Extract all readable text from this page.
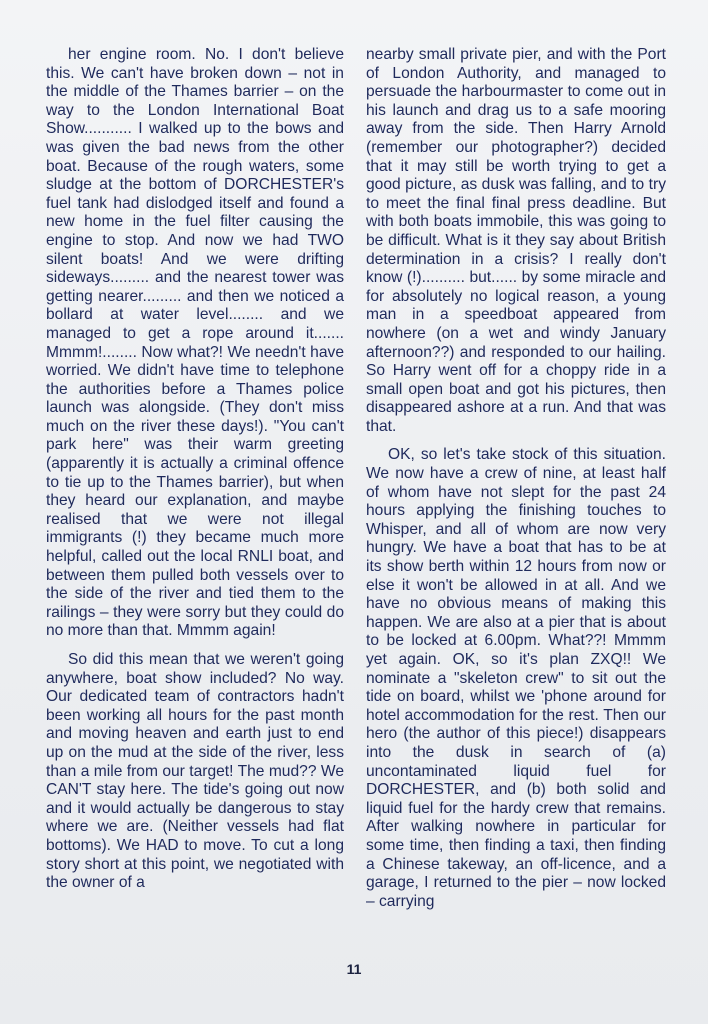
her engine room. No. I don't believe this. We can't have broken down – not in the middle of the Thames barrier – on the way to the London International Boat Show........... I walked up to the bows and was given the bad news from the other boat. Because of the rough waters, some sludge at the bottom of DORCHESTER's fuel tank had dislodged itself and found a new home in the fuel filter causing the engine to stop. And now we had TWO silent boats! And we were drifting sideways......... and the nearest tower was getting nearer......... and then we noticed a bollard at water level........ and we managed to get a rope around it....... Mmmm!........ Now what?! We needn't have worried. We didn't have time to telephone the authorities before a Thames police launch was alongside. (They don't miss much on the river these days!). "You can't park here" was their warm greeting (apparently it is actually a criminal offence to tie up to the Thames barrier), but when they heard our explanation, and maybe realised that we were not illegal immigrants (!) they became much more helpful, called out the local RNLI boat, and between them pulled both vessels over to the side of the river and tied them to the railings – they were sorry but they could do no more than that. Mmmm again!

So did this mean that we weren't going anywhere, boat show included? No way. Our dedicated team of contractors hadn't been working all hours for the past month and moving heaven and earth just to end up on the mud at the side of the river, less than a mile from our target! The mud?? We CAN'T stay here. The tide's going out now and it would actually be dangerous to stay where we are. (Neither vessels had flat bottoms). We HAD to move. To cut a long story short at this point, we negotiated with the owner of a

nearby small private pier, and with the Port of London Authority, and managed to persuade the harbourmaster to come out in his launch and drag us to a safe mooring away from the side. Then Harry Arnold (remember our photographer?) decided that it may still be worth trying to get a good picture, as dusk was falling, and to try to meet the final final press deadline. But with both boats immobile, this was going to be difficult. What is it they say about British determination in a crisis? I really don't know (!).......... but...... by some miracle and for absolutely no logical reason, a young man in a speedboat appeared from nowhere (on a wet and windy January afternoon??) and responded to our hailing. So Harry went off for a choppy ride in a small open boat and got his pictures, then disappeared ashore at a run. And that was that.

OK, so let's take stock of this situation. We now have a crew of nine, at least half of whom have not slept for the past 24 hours applying the finishing touches to Whisper, and all of whom are now very hungry. We have a boat that has to be at its show berth within 12 hours from now or else it won't be allowed in at all. And we have no obvious means of making this happen. We are also at a pier that is about to be locked at 6.00pm. What??! Mmmm yet again. OK, so it's plan ZXQ!! We nominate a "skeleton crew" to sit out the tide on board, whilst we 'phone around for hotel accommodation for the rest. Then our hero (the author of this piece!) disappears into the dusk in search of (a) uncontaminated liquid fuel for DORCHESTER, and (b) both solid and liquid fuel for the hardy crew that remains. After walking nowhere in particular for some time, then finding a taxi, then finding a Chinese takeway, an off-licence, and a garage, I returned to the pier – now locked – carrying

11
